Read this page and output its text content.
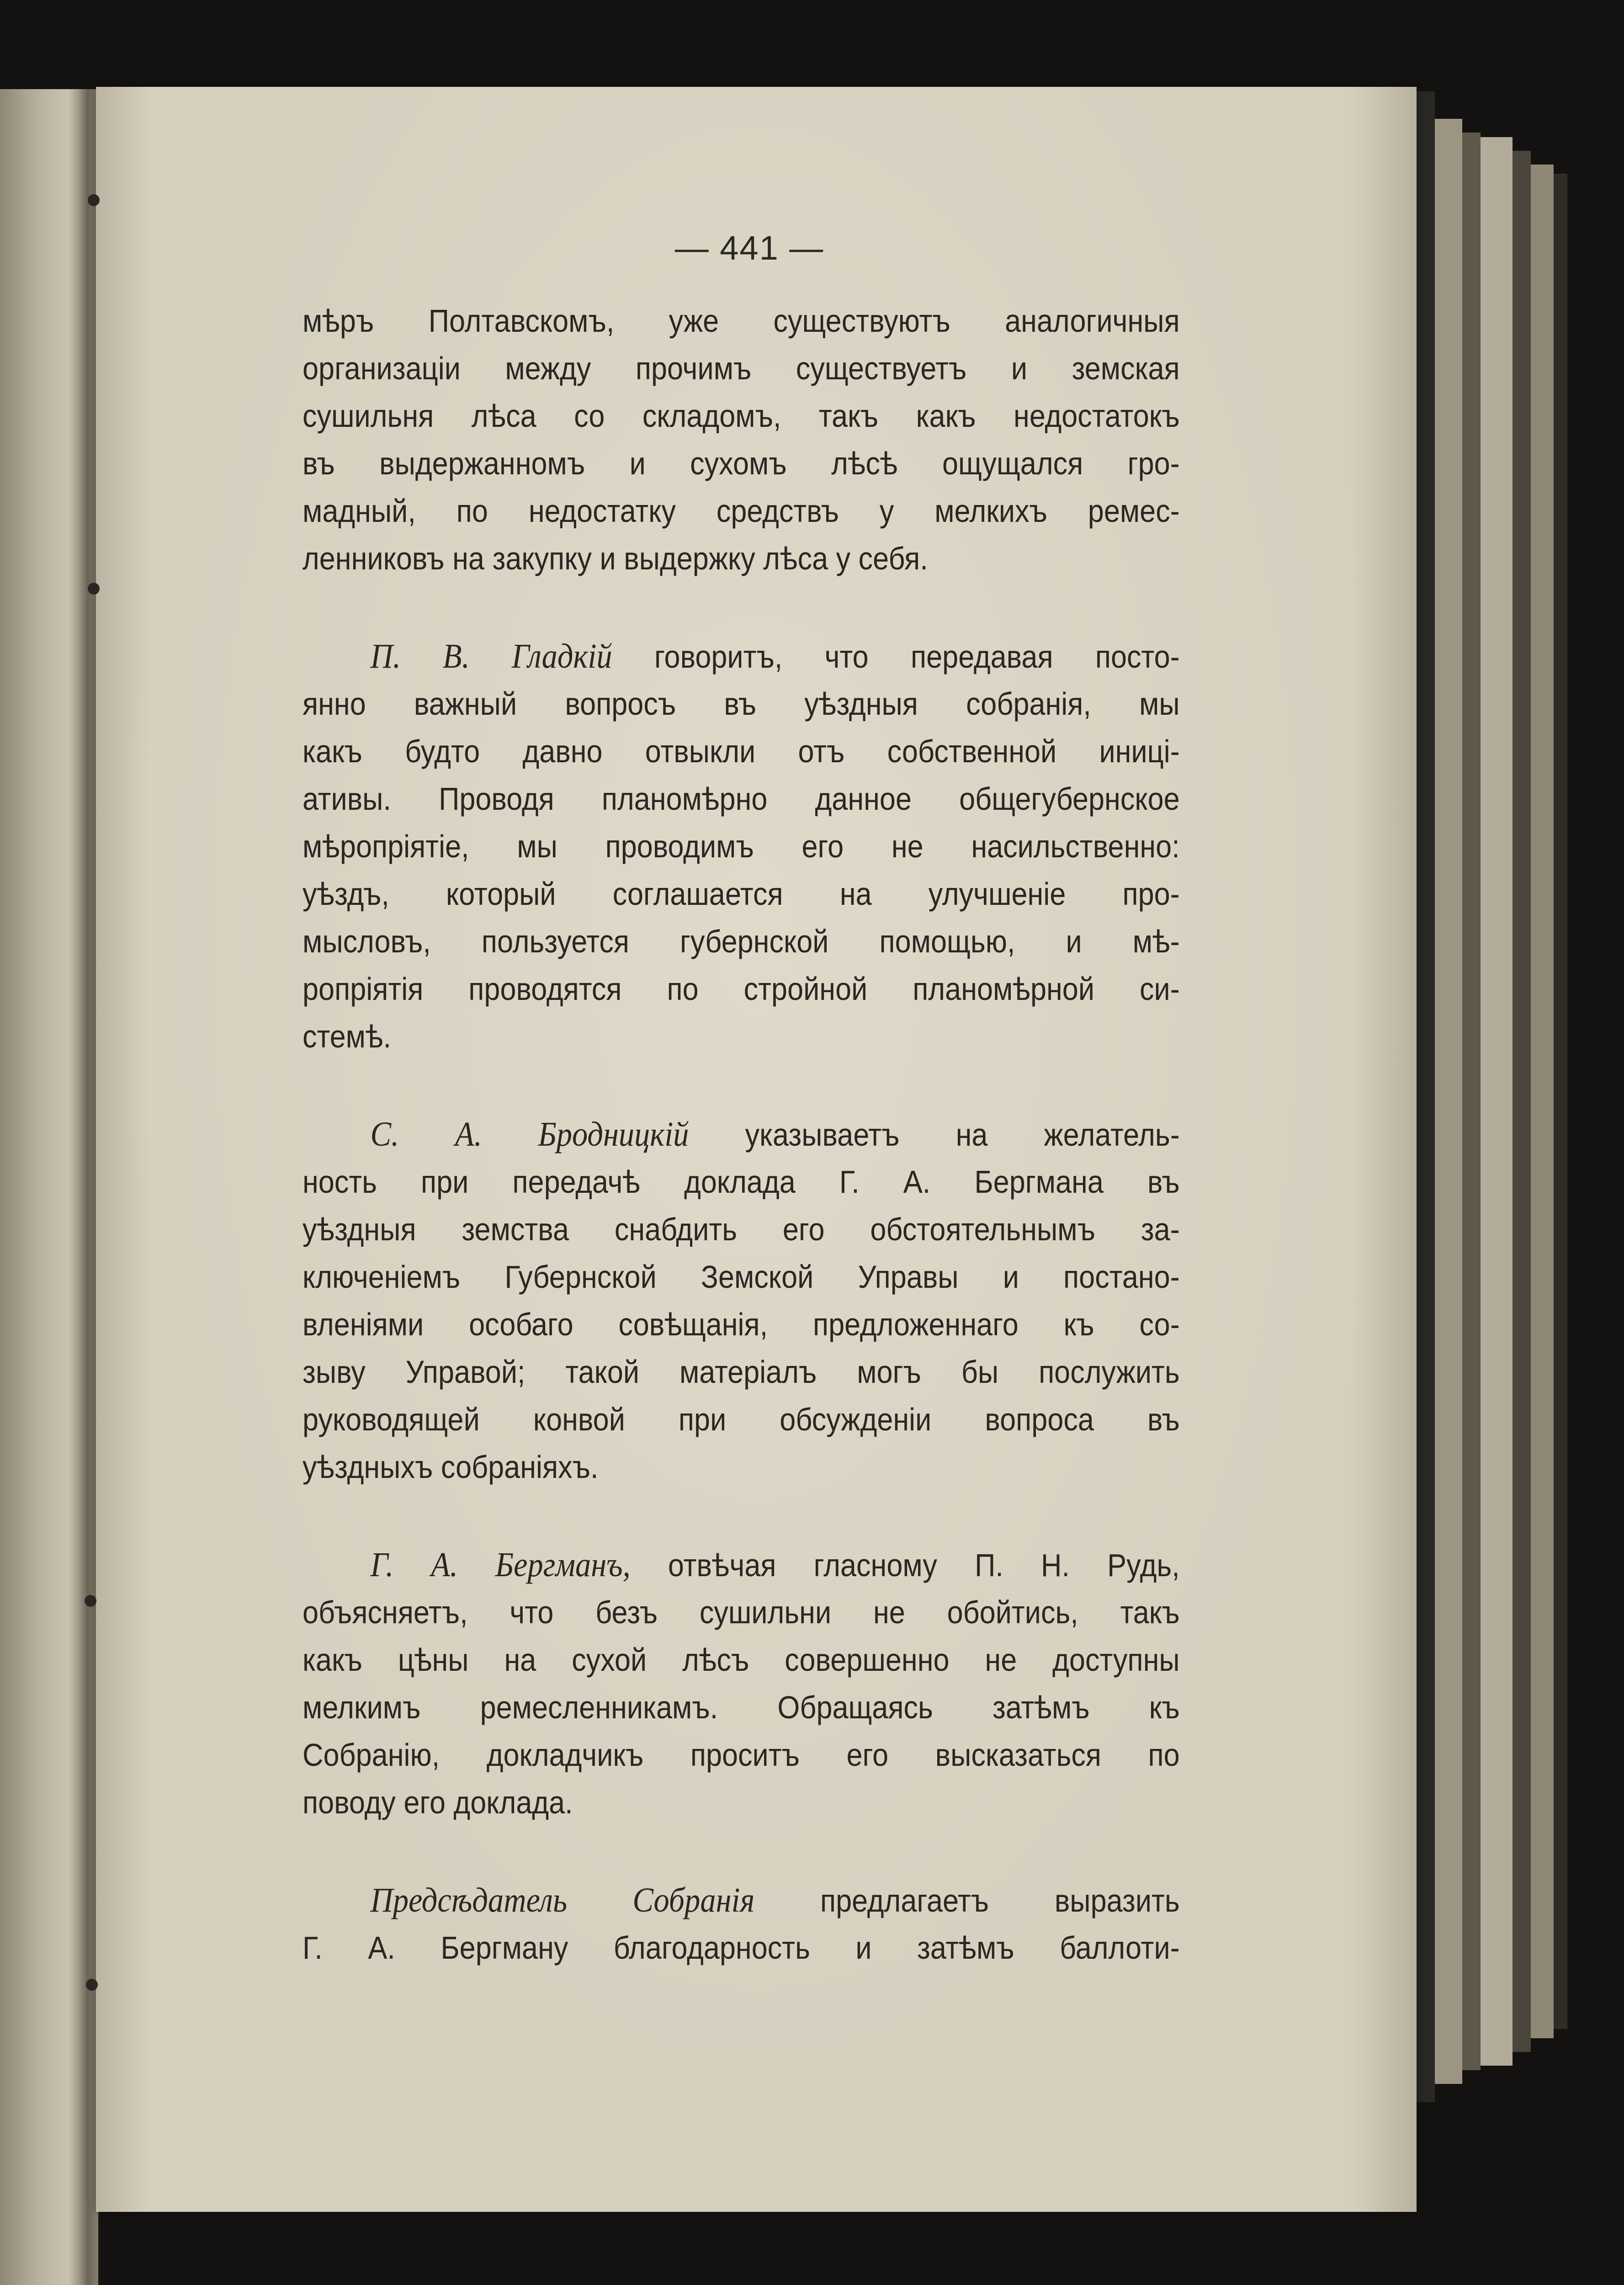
— 441 —

мѣръ Полтавскомъ, уже существуютъ аналогичныя
организаціи между прочимъ существуетъ и земская
сушильня лѣса со складомъ, такъ какъ недостатокъ
въ выдержанномъ и сухомъ лѣсѣ ощущался гро-
мадный, по недостатку средствъ у мелкихъ ремес-
ленниковъ на закупку и выдержку лѣса у себя.

П. В. Гладкій говоритъ, что передавая посто-
янно важный вопросъ въ уѣздныя собранія, мы
какъ будто давно отвыкли отъ собственной иниці-
ативы. Проводя планомѣрно данное общегубернское
мѣропріятіе, мы проводимъ его не насильственно:
уѣздъ, который соглашается на улучшеніе про-
мысловъ, пользуется губернской помощью, и мѣ-
ропріятія проводятся по стройной планомѣрной си-
стемѣ.

С. А. Бродницкій указываетъ на желатель-
ность при передачѣ доклада Г. А. Бергмана въ
уѣздныя земства снабдить его обстоятельнымъ за-
ключеніемъ Губернской Земской Управы и постано-
вленіями особаго совѣщанія, предложеннаго къ со-
зыву Управой; такой матеріалъ могъ бы послужить
руководящей конвой при обсужденіи вопроса въ
уѣздныхъ собраніяхъ.

Г. А. Бергманъ, отвѣчая гласному П. Н. Рудь,
объясняетъ, что безъ сушильни не обойтись, такъ
какъ цѣны на сухой лѣсъ совершенно не доступны
мелкимъ ремесленникамъ. Обращаясь затѣмъ къ
Собранію, докладчикъ проситъ его высказаться по
поводу его доклада.

Предсѣдатель Собранія предлагаетъ выразить
Г. А. Бергману благодарность и затѣмъ баллоти-
